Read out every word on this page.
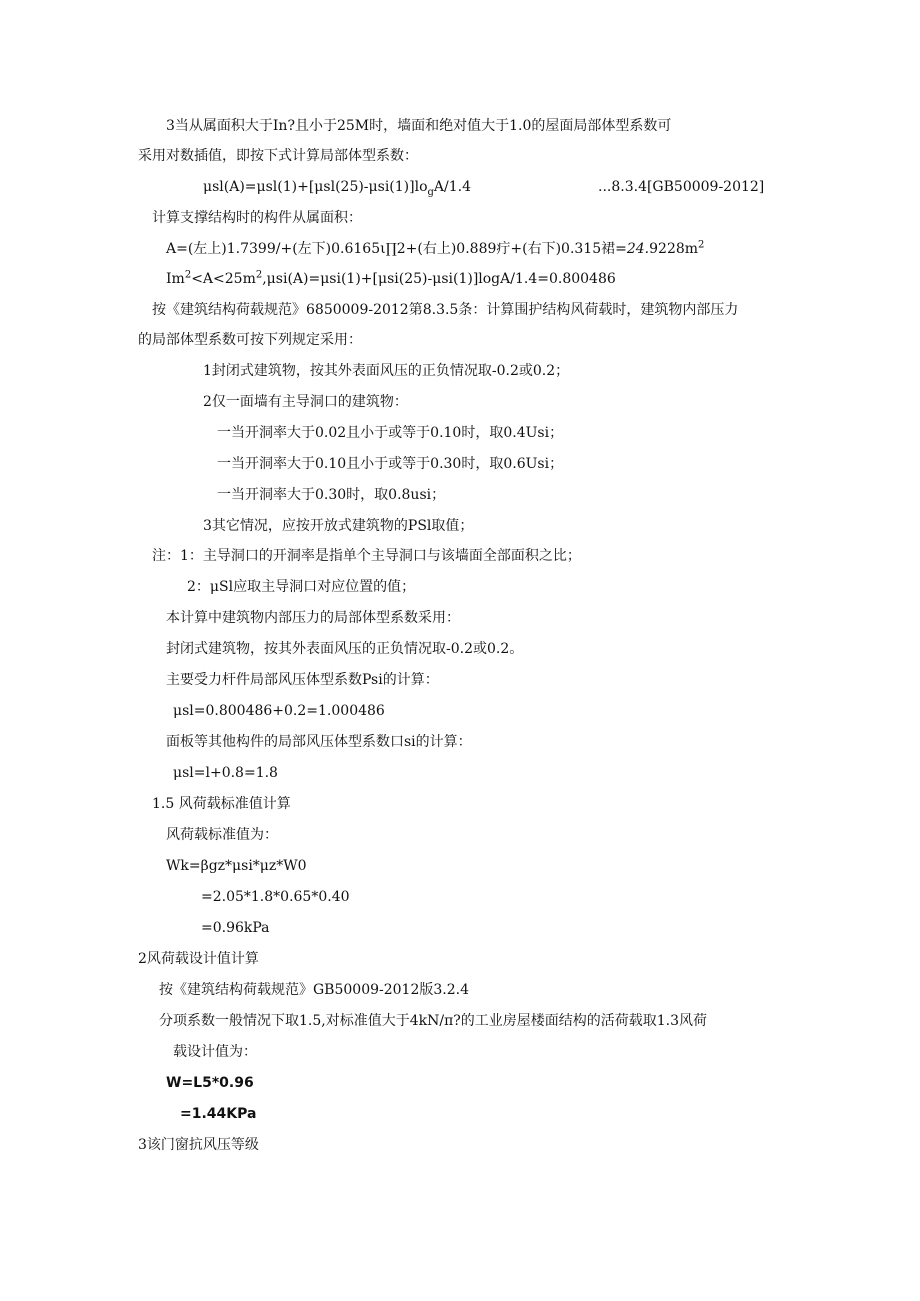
3当从属面积大于In?且小于25M时，墙面和绝对值大于1.0的屋面局部体型系数可
采用对数插值，即按下式计算局部体型系数：
$\mu sl(A)=\mu sl(1)+[\mu sl(25)-\mu si(1)]lo_gA/1.4$	...8.3.4[GB50009-2012]
计算支撑结构时的构件从属面积：
A=(左上)1.7399/+(左下)0.6165ι∏2+(右上)0.889疔+(右下)0.315裙$=24.9228m^2$
$Im^2<A<25m^2,\mu si(A)=\mu si(1)+[\mu si(25)-\mu si(1)]\log A/1.4=0.800486$
按《建筑结构荷载规范》6850009-2012第8.3.5条：计算围护结构风荷载时，建筑物内部压力
的局部体型系数可按下列规定采用：
1封闭式建筑物，按其外表面风压的正负情况取-0.2或0.2；
2仅一面墙有主导洞口的建筑物：
一当开洞率大于0.02且小于或等于0.10时，取0.4Usi；
一当开洞率大于0.10且小于或等于0.30时，取0.6Usi；
一当开洞率大于0.30时，取0.8usi；
3其它情况，应按开放式建筑物的PSl取值；
注：1：主导洞口的开洞率是指单个主导洞口与该墙面全部面积之比；
2：μSl应取主导洞口对应位置的值；
本计算中建筑物内部压力的局部体型系数采用：
封闭式建筑物，按其外表面风压的正负情况取-0.2或0.2。
主要受力杆件局部风压体型系数Psi的计算：
μsl=0.800486+0.2=1.000486
面板等其他构件的局部风压体型系数口si的计算：
μsl=l+0.8=1.8
1.5 风荷载标准值计算
风荷载标准值为：
Wk=βgz*μsi*μz*W0
=2.05*1.8*0.65*0.40
=0.96kPa
2风荷载设计值计算
按《建筑结构荷载规范》GB50009-2012版3.2.4
分项系数一般情况下取1.5,对标准值大于4kN/π?的工业房屋楼面结构的活荷载取1.3风荷
载设计值为：
W=L5*0.96
=1.44KPa
3该门窗抗风压等级
